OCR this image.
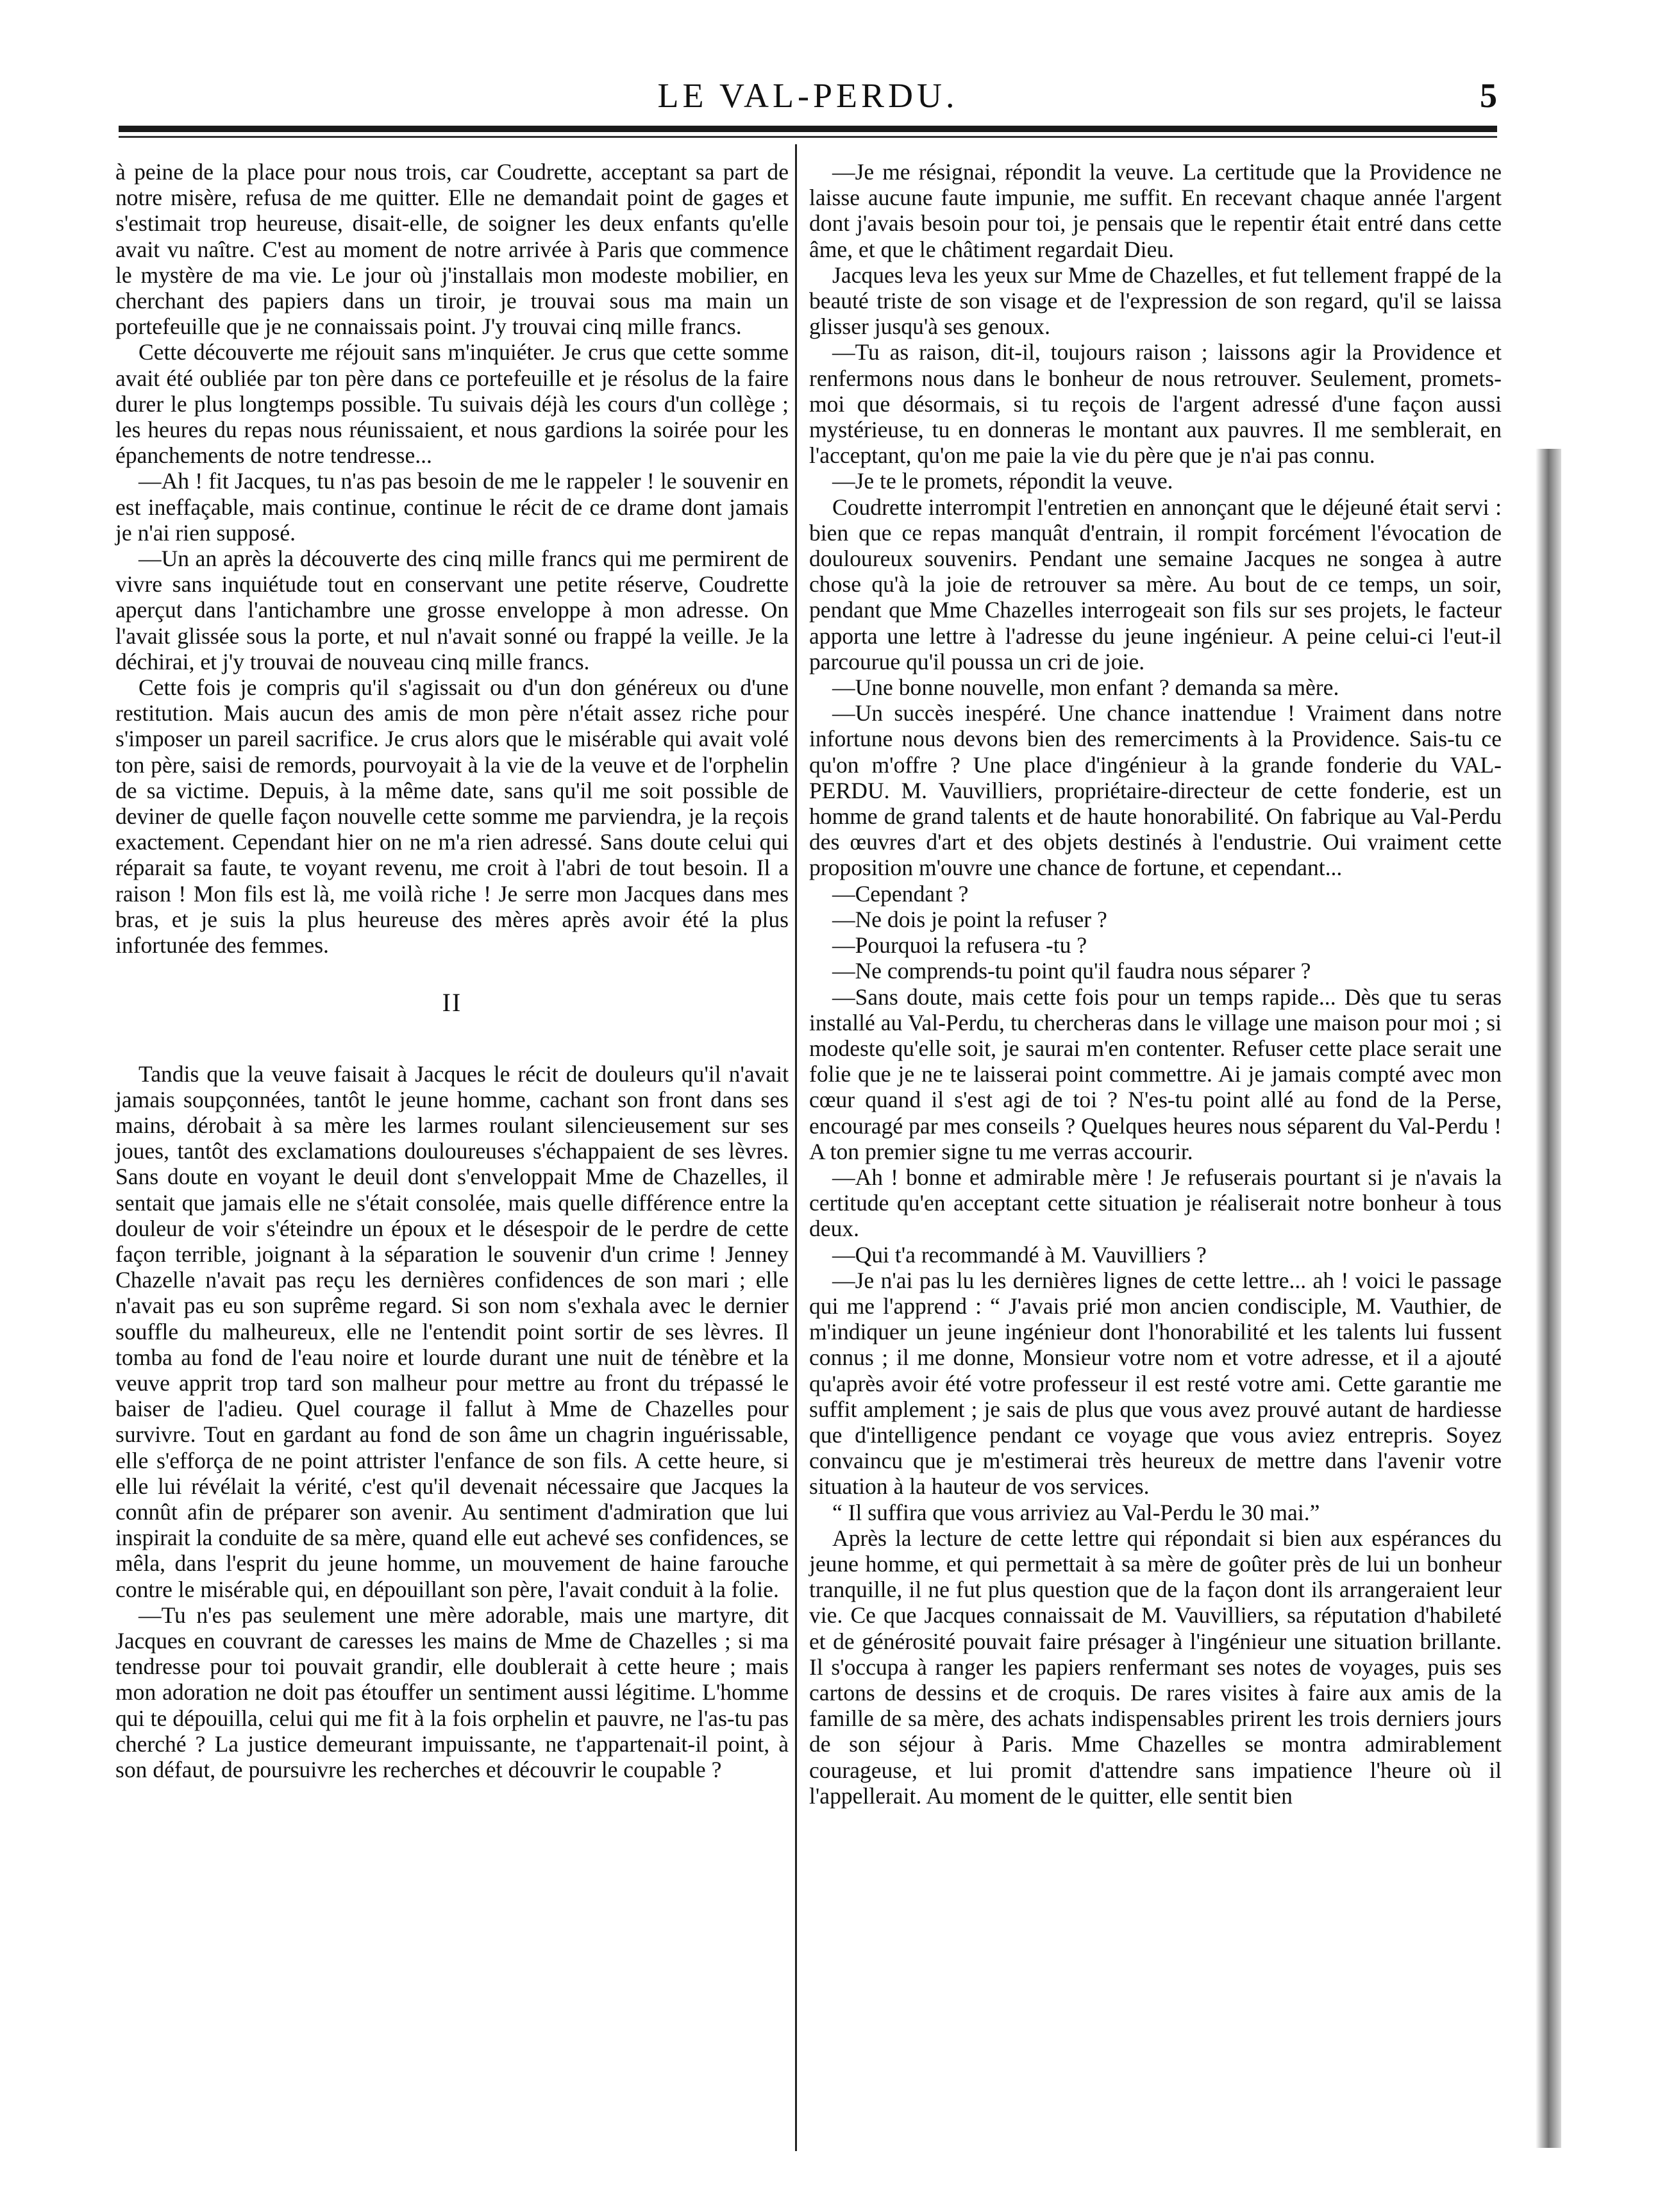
LE VAL-PERDU.	5

à peine de la place pour nous trois, car Coudrette, acceptant sa part de notre misère, refusa de me quitter. Elle ne demandait point de gages et s'estimait trop heureuse, disait-elle, de soigner les deux enfants qu'elle avait vu naître. C'est au moment de notre arrivée à Paris que commence le mystère de ma vie. Le jour où j'installais mon modeste mobilier, en cherchant des papiers dans un tiroir, je trouvai sous ma main un portefeuille que je ne connaissais point. J'y trouvai cinq mille francs.

Cette découverte me réjouit sans m'inquiéter. Je crus que cette somme avait été oubliée par ton père dans ce portefeuille et je résolus de la faire durer le plus longtemps possible. Tu suivais déjà les cours d'un collège ; les heures du repas nous réunissaient, et nous gardions la soirée pour les épanchements de notre tendresse...

—Ah ! fit Jacques, tu n'as pas besoin de me le rappeler ! le souvenir en est ineffaçable, mais continue, continue le récit de ce drame dont jamais je n'ai rien supposé.

—Un an après la découverte des cinq mille francs qui me permirent de vivre sans inquiétude tout en conservant une petite réserve, Coudrette aperçut dans l'antichambre une grosse enveloppe à mon adresse. On l'avait glissée sous la porte, et nul n'avait sonné ou frappé la veille. Je la déchirai, et j'y trouvai de nouveau cinq mille francs.

Cette fois je compris qu'il s'agissait ou d'un don généreux ou d'une restitution. Mais aucun des amis de mon père n'était assez riche pour s'imposer un pareil sacrifice. Je crus alors que le misérable qui avait volé ton père, saisi de remords, pourvoyait à la vie de la veuve et de l'orphelin de sa victime. Depuis, à la même date, sans qu'il me soit possible de deviner de quelle façon nouvelle cette somme me parviendra, je la reçois exactement. Cependant hier on ne m'a rien adressé. Sans doute celui qui réparait sa faute, te voyant revenu, me croit à l'abri de tout besoin. Il a raison ! Mon fils est là, me voilà riche ! Je serre mon Jacques dans mes bras, et je suis la plus heureuse des mères après avoir été la plus infortunée des femmes.

II

Tandis que la veuve faisait à Jacques le récit de douleurs qu'il n'avait jamais soupçonnées, tantôt le jeune homme, cachant son front dans ses mains, dérobait à sa mère les larmes roulant silencieusement sur ses joues, tantôt des exclamations douloureuses s'échappaient de ses lèvres. Sans doute en voyant le deuil dont s'enveloppait Mme de Chazelles, il sentait que jamais elle ne s'était consolée, mais quelle différence entre la douleur de voir s'éteindre un époux et le désespoir de le perdre de cette façon terrible, joignant à la séparation le souvenir d'un crime ! Jenney Chazelle n'avait pas reçu les dernières confidences de son mari ; elle n'avait pas eu son suprême regard. Si son nom s'exhala avec le dernier souffle du malheureux, elle ne l'entendit point sortir de ses lèvres. Il tomba au fond de l'eau noire et lourde durant une nuit de ténèbre et la veuve apprit trop tard son malheur pour mettre au front du trépassé le baiser de l'adieu. Quel courage il fallut à Mme de Chazelles pour survivre. Tout en gardant au fond de son âme un chagrin inguérissable, elle s'efforça de ne point attrister l'enfance de son fils. A cette heure, si elle lui révélait la vérité, c'est qu'il devenait nécessaire que Jacques la connût afin de préparer son avenir. Au sentiment d'admiration que lui inspirait la conduite de sa mère, quand elle eut achevé ses confidences, se mêla, dans l'esprit du jeune homme, un mouvement de haine farouche contre le misérable qui, en dépouillant son père, l'avait conduit à la folie.

—Tu n'es pas seulement une mère adorable, mais une martyre, dit Jacques en couvrant de caresses les mains de Mme de Chazelles ; si ma tendresse pour toi pouvait grandir, elle doublerait à cette heure ; mais mon adoration ne doit pas étouffer un sentiment aussi légitime. L'homme qui te dépouilla, celui qui me fit à la fois orphelin et pauvre, ne l'as-tu pas cherché ? La justice demeurant impuissante, ne t'appartenait-il point, à son défaut, de poursuivre les recherches et découvrir le coupable ?

—Je me résignai, répondit la veuve. La certitude que la Providence ne laisse aucune faute impunie, me suffit. En recevant chaque année l'argent dont j'avais besoin pour toi, je pensais que le repentir était entré dans cette âme, et que le châtiment regardait Dieu.

Jacques leva les yeux sur Mme de Chazelles, et fut tellement frappé de la beauté triste de son visage et de l'expression de son regard, qu'il se laissa glisser jusqu'à ses genoux.

—Tu as raison, dit-il, toujours raison ; laissons agir la Providence et renfermons nous dans le bonheur de nous retrouver. Seulement, promets-moi que désormais, si tu reçois de l'argent adressé d'une façon aussi mystérieuse, tu en donneras le montant aux pauvres. Il me semblerait, en l'acceptant, qu'on me paie la vie du père que je n'ai pas connu.

—Je te le promets, répondit la veuve.

Coudrette interrompit l'entretien en annonçant que le déjeuné était servi : bien que ce repas manquât d'entrain, il rompit forcément l'évocation de douloureux souvenirs. Pendant une semaine Jacques ne songea à autre chose qu'à la joie de retrouver sa mère. Au bout de ce temps, un soir, pendant que Mme Chazelles interrogeait son fils sur ses projets, le facteur apporta une lettre à l'adresse du jeune ingénieur. A peine celui-ci l'eut-il parcourue qu'il poussa un cri de joie.

—Une bonne nouvelle, mon enfant ? demanda sa mère.

—Un succès inespéré. Une chance inattendue ! Vraiment dans notre infortune nous devons bien des remerciments à la Providence. Sais-tu ce qu'on m'offre ? Une place d'ingénieur à la grande fonderie du VAL-PERDU. M. Vauvilliers, propriétaire-directeur de cette fonderie, est un homme de grand talents et de haute honorabilité. On fabrique au Val-Perdu des œuvres d'art et des objets destinés à l'endustrie. Oui vraiment cette proposition m'ouvre une chance de fortune, et cependant...

—Cependant ?

—Ne dois je point la refuser ?

—Pourquoi la refusera -tu ?

—Ne comprends-tu point qu'il faudra nous séparer ?

—Sans doute, mais cette fois pour un temps rapide... Dès que tu seras installé au Val-Perdu, tu chercheras dans le village une maison pour moi ; si modeste qu'elle soit, je saurai m'en contenter. Refuser cette place serait une folie que je ne te laisserai point commettre. Ai je jamais compté avec mon cœur quand il s'est agi de toi ? N'es-tu point allé au fond de la Perse, encouragé par mes conseils ? Quelques heures nous séparent du Val-Perdu ! A ton premier signe tu me verras accourir.

—Ah ! bonne et admirable mère ! Je refuserais pourtant si je n'avais la certitude qu'en acceptant cette situation je réaliserait notre bonheur à tous deux.

—Qui t'a recommandé à M. Vauvilliers ?

—Je n'ai pas lu les dernières lignes de cette lettre... ah ! voici le passage qui me l'apprend : “ J'avais prié mon ancien condisciple, M. Vauthier, de m'indiquer un jeune ingénieur dont l'honorabilité et les talents lui fussent connus ; il me donne, Monsieur votre nom et votre adresse, et il a ajouté qu'après avoir été votre professeur il est resté votre ami. Cette garantie me suffit amplement ; je sais de plus que vous avez prouvé autant de hardiesse que d'intelligence pendant ce voyage que vous aviez entrepris. Soyez convaincu que je m'estimerai très heureux de mettre dans l'avenir votre situation à la hauteur de vos services.

“ Il suffira que vous arriviez au Val-Perdu le 30 mai.”

Après la lecture de cette lettre qui répondait si bien aux espérances du jeune homme, et qui permettait à sa mère de goûter près de lui un bonheur tranquille, il ne fut plus question que de la façon dont ils arrangeraient leur vie. Ce que Jacques connaissait de M. Vauvilliers, sa réputation d'habileté et de générosité pouvait faire présager à l'ingénieur une situation brillante. Il s'occupa à ranger les papiers renfermant ses notes de voyages, puis ses cartons de dessins et de croquis. De rares visites à faire aux amis de la famille de sa mère, des achats indispensables prirent les trois derniers jours de son séjour à Paris. Mme Chazelles se montra admirablement courageuse, et lui promit d'attendre sans impatience l'heure où il l'appellerait. Au moment de le quitter, elle sentit bien
